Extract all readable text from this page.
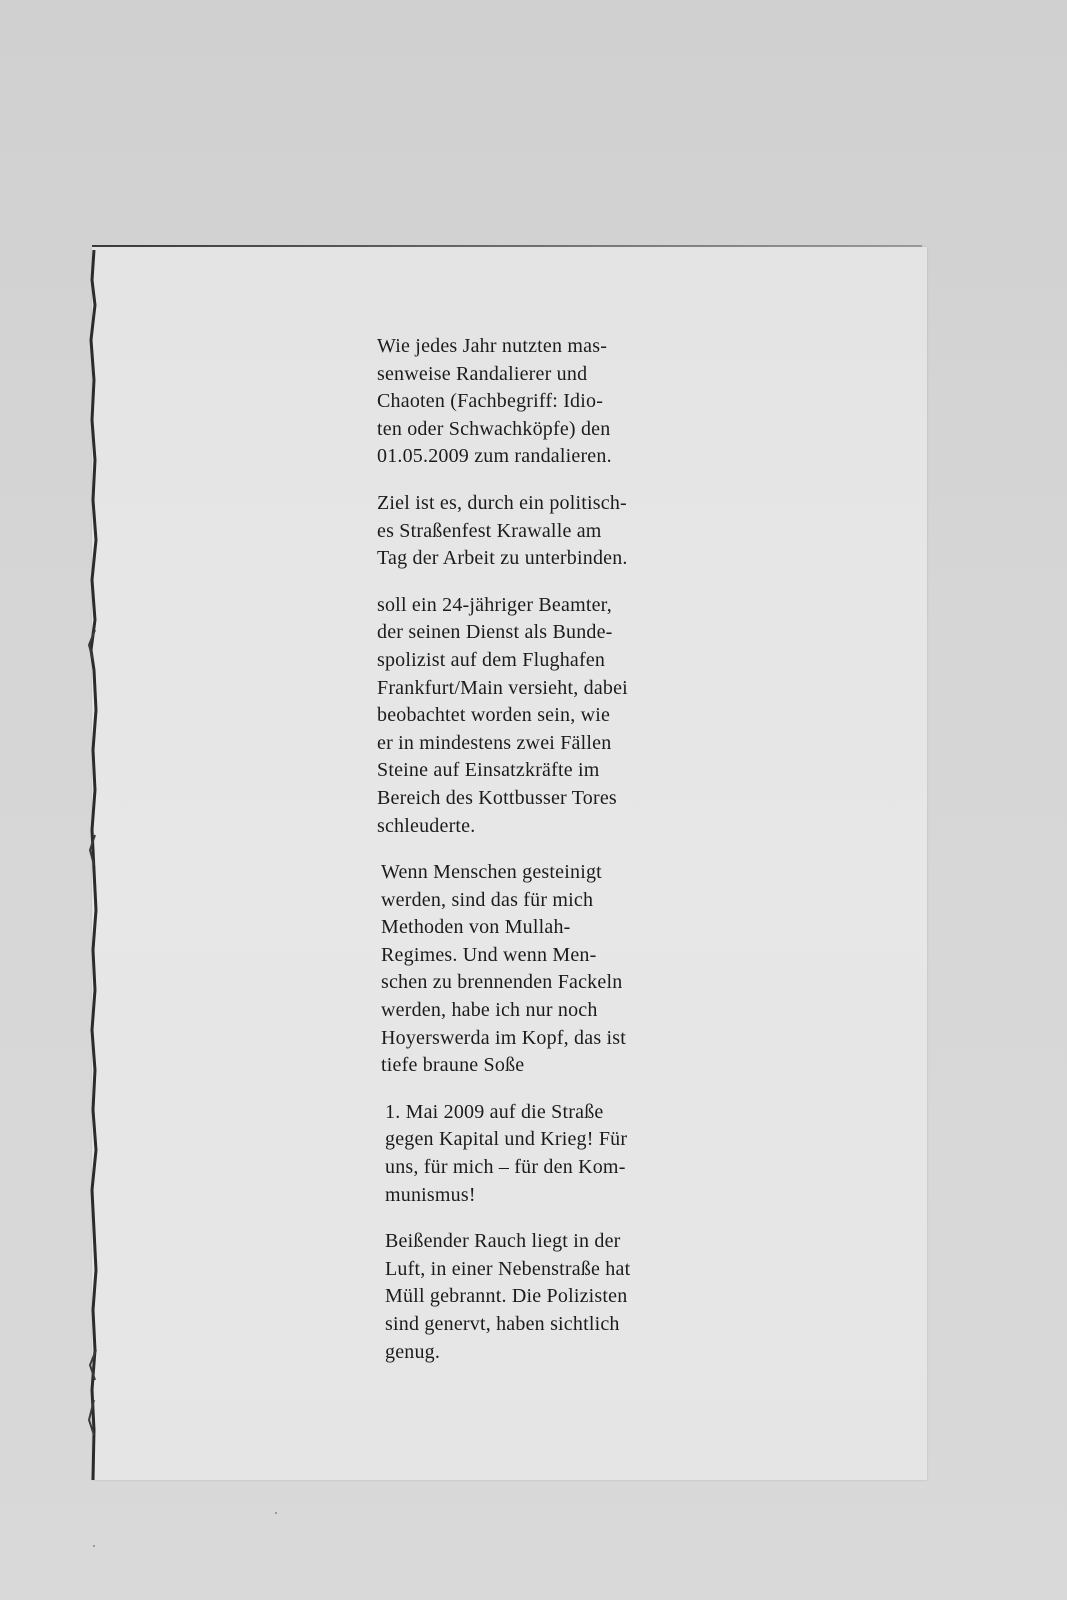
Wie jedes Jahr nutzten mas-
senweise Randalierer und
Chaoten (Fachbegriff: Idio-
ten oder Schwachköpfe) den
01.05.2009 zum randalieren.

Ziel ist es, durch ein politisch-
es Straßenfest Krawalle am
Tag der Arbeit zu unterbinden.

soll ein 24-jähriger Beamter,
der seinen Dienst als Bunde-
spolizist auf dem Flughafen
Frankfurt/Main versieht, dabei
beobachtet worden sein, wie
er in mindestens zwei Fällen
Steine auf Einsatzkräfte im
Bereich des Kottbusser Tores
schleuderte.

Wenn Menschen gesteinigt
werden, sind das für mich
Methoden von Mullah-
Regimes. Und wenn Men-
schen zu brennenden Fackeln
werden, habe ich nur noch
Hoyerswerda im Kopf, das ist
tiefe braune Soße

1. Mai 2009 auf die Straße
gegen Kapital und Krieg! Für
uns, für mich – für den Kom-
munismus!

Beißender Rauch liegt in der
Luft, in einer Nebenstraße hat
Müll gebrannt. Die Polizisten
sind genervt, haben sichtlich
genug.
